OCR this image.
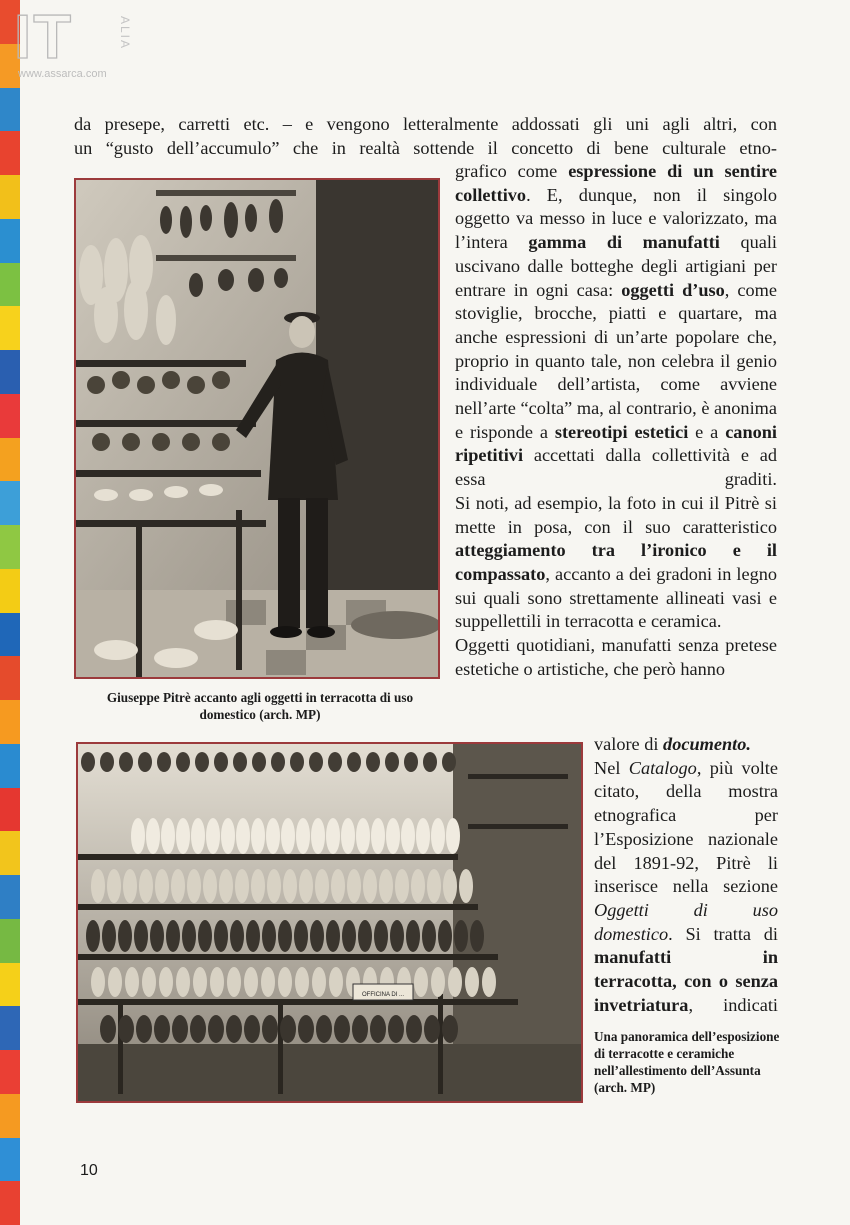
IT	ALIA
www.assarca.com

da presepe, carretti etc. – e vengono letteralmente addossati gli uni agli altri, con

un “gusto dell’accumulo” che in realtà sottende il concetto di bene culturale etno-

grafico come espressione di un sentire collettivo. E, dunque, non il singolo oggetto va messo in luce e valorizzato, ma l’intera gamma di manufatti quali uscivano dalle botteghe degli artigiani per entrare in ogni casa: oggetti d’uso, come stoviglie, brocche, piatti e quartare, ma anche espressioni di un’arte popolare che, proprio in quanto tale, non celebra il genio individuale dell’artista, come avviene nell’arte “colta” ma, al contrario, è anonima e risponde a stereotipi estetici e a canoni ripetitivi accettati dalla collettività e ad essa graditi.

Si noti, ad esempio, la foto in cui il Pitrè si mette in posa, con il suo caratteristico atteggiamento tra l’ironico e il compassato, accanto a dei gradoni in legno sui quali sono strettamente allineati vasi e suppellettili in terracotta e ceramica.

Oggetti quotidiani, manufatti senza pretese estetiche o artistiche, che però hanno

valore di documento.

Nel Catalogo, più volte citato, della mostra etnografica per l’Esposizione nazionale del 1891-92, Pitrè li inserisce nella sezione Oggetti di uso domestico. Si tratta di manufatti in terracotta, con o senza invetriatura, indicati

Giuseppe Pitrè accanto agli oggetti in terracotta di uso domestico (arch. MP)
OFFICINA DI ...
Una panoramica dell’esposizione di terracotte e ceramiche nell’allestimento dell’Assunta (arch. MP)
10
